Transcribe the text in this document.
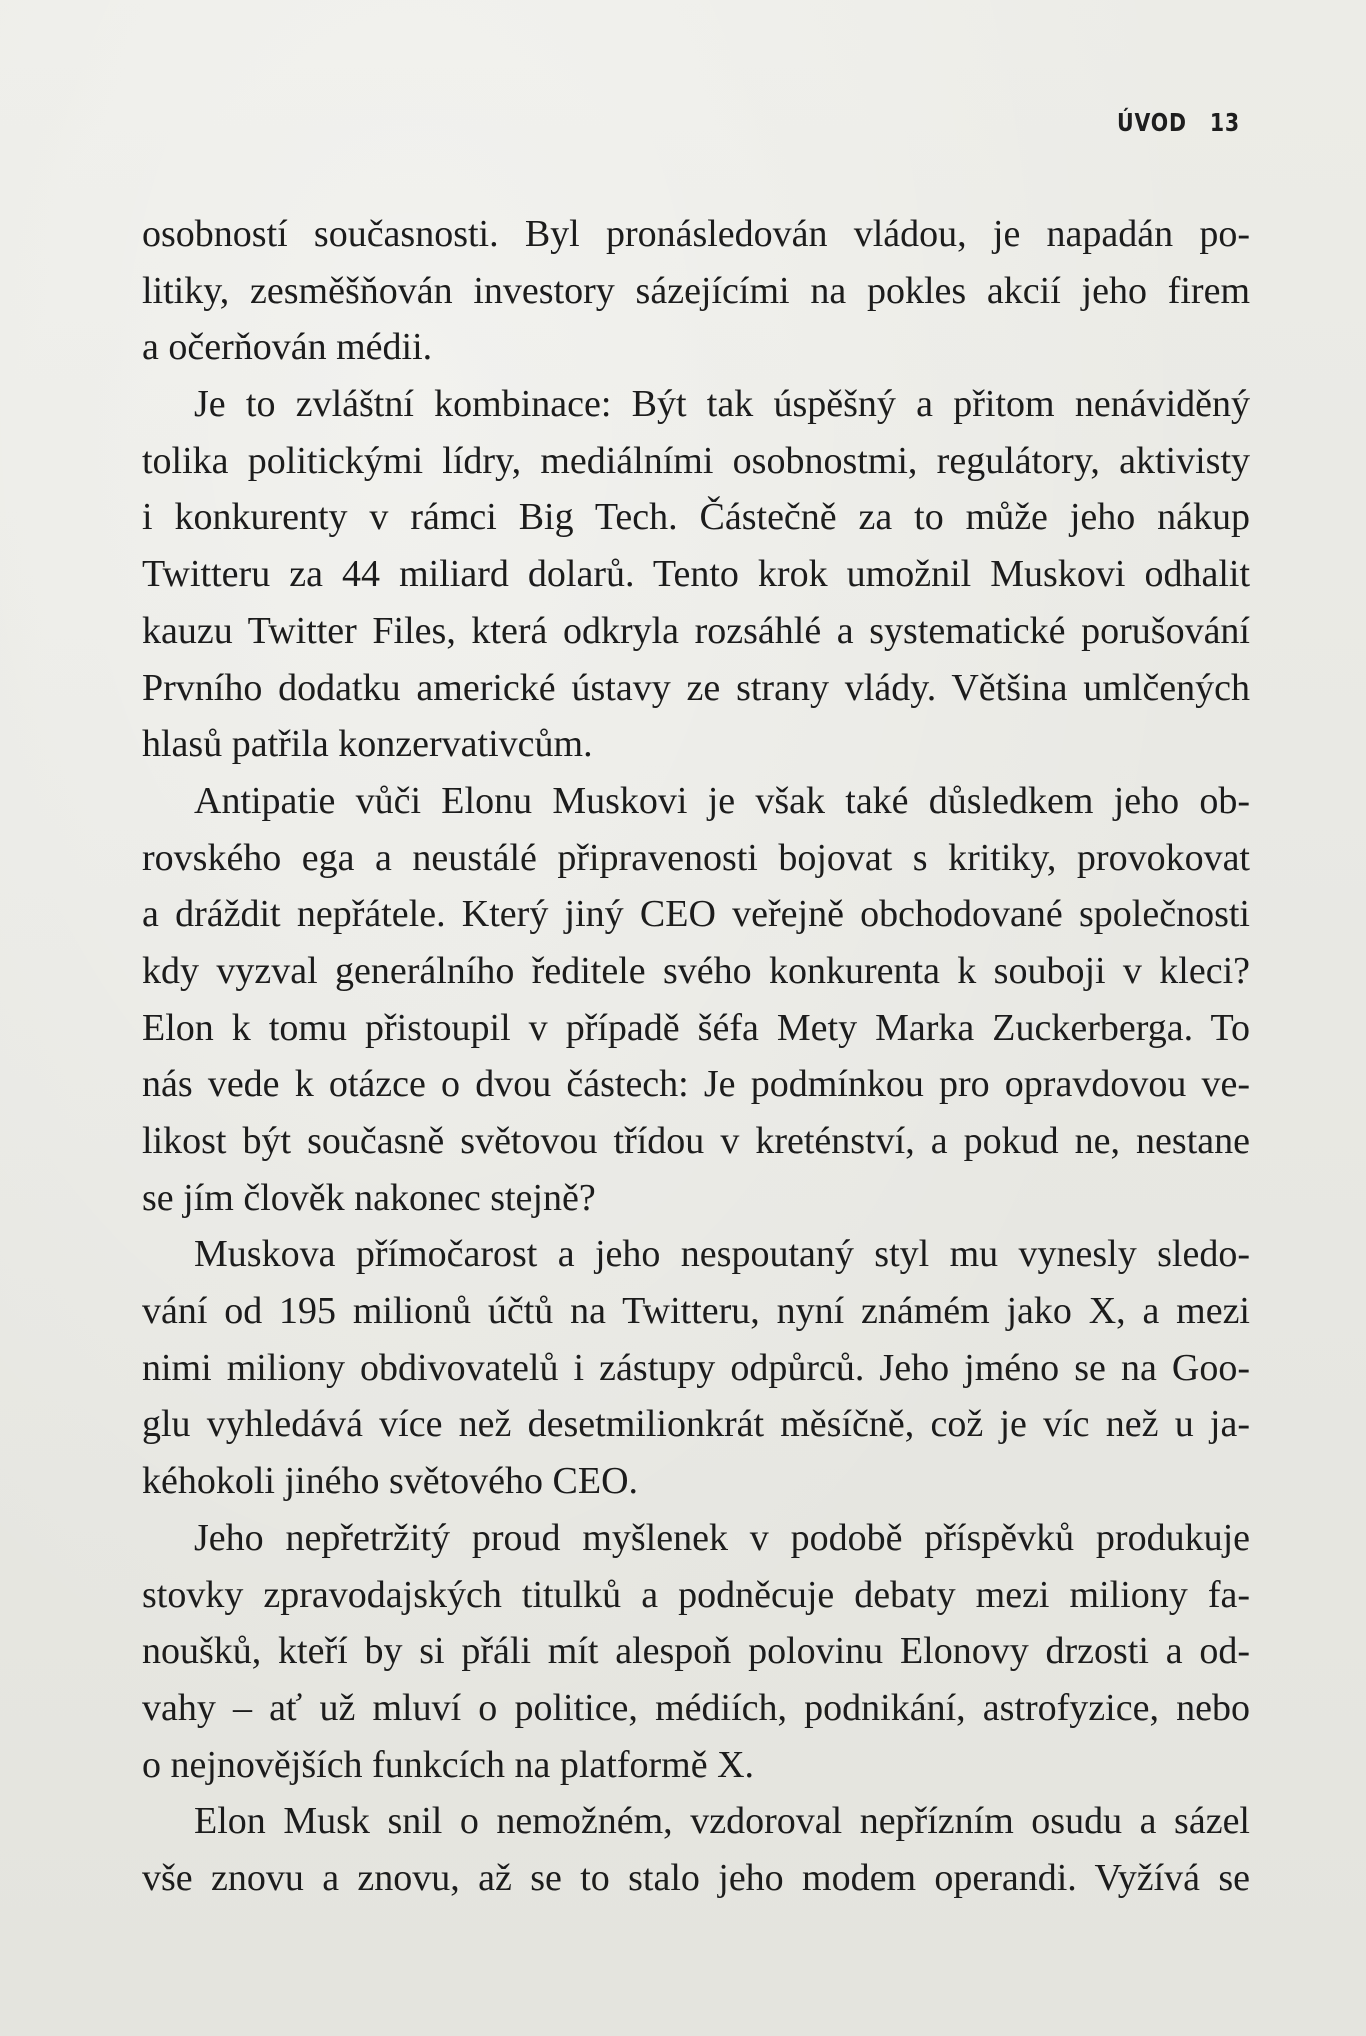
ÚVOD 13
osobností současnosti. Byl pronásledován vládou, je napadán po-
litiky, zesměšňován investory sázejícími na pokles akcií jeho firem
a očerňován médii.
Je to zvláštní kombinace: Být tak úspěšný a přitom nenáviděný
tolika politickými lídry, mediálními osobnostmi, regulátory, aktivisty
i konkurenty v rámci Big Tech. Částečně za to může jeho nákup
Twitteru za 44 miliard dolarů. Tento krok umožnil Muskovi odhalit
kauzu Twitter Files, která odkryla rozsáhlé a systematické porušování
Prvního dodatku americké ústavy ze strany vlády. Většina umlčených
hlasů patřila konzervativcům.
Antipatie vůči Elonu Muskovi je však také důsledkem jeho ob-
rovského ega a neustálé připravenosti bojovat s kritiky, provokovat
a dráždit nepřátele. Který jiný CEO veřejně obchodované společnosti
kdy vyzval generálního ředitele svého konkurenta k souboji v kleci?
Elon k tomu přistoupil v případě šéfa Mety Marka Zuckerberga. To
nás vede k otázce o dvou částech: Je podmínkou pro opravdovou ve-
likost být současně světovou třídou v kreténství, a pokud ne, nestane
se jím člověk nakonec stejně?
Muskova přímočarost a jeho nespoutaný styl mu vynesly sledo-
vání od 195 milionů účtů na Twitteru, nyní známém jako X, a mezi
nimi miliony obdivovatelů i zástupy odpůrců. Jeho jméno se na Goo-
glu vyhledává více než desetmilionkrát měsíčně, což je víc než u ja-
kéhokoli jiného světového CEO.
Jeho nepřetržitý proud myšlenek v podobě příspěvků produkuje
stovky zpravodajských titulků a podněcuje debaty mezi miliony fa-
noušků, kteří by si přáli mít alespoň polovinu Elonovy drzosti a od-
vahy – ať už mluví o politice, médiích, podnikání, astrofyzice, nebo
o nejnovějších funkcích na platformě X.
Elon Musk snil o nemožném, vzdoroval nepřízním osudu a sázel
vše znovu a znovu, až se to stalo jeho modem operandi. Vyžívá se
